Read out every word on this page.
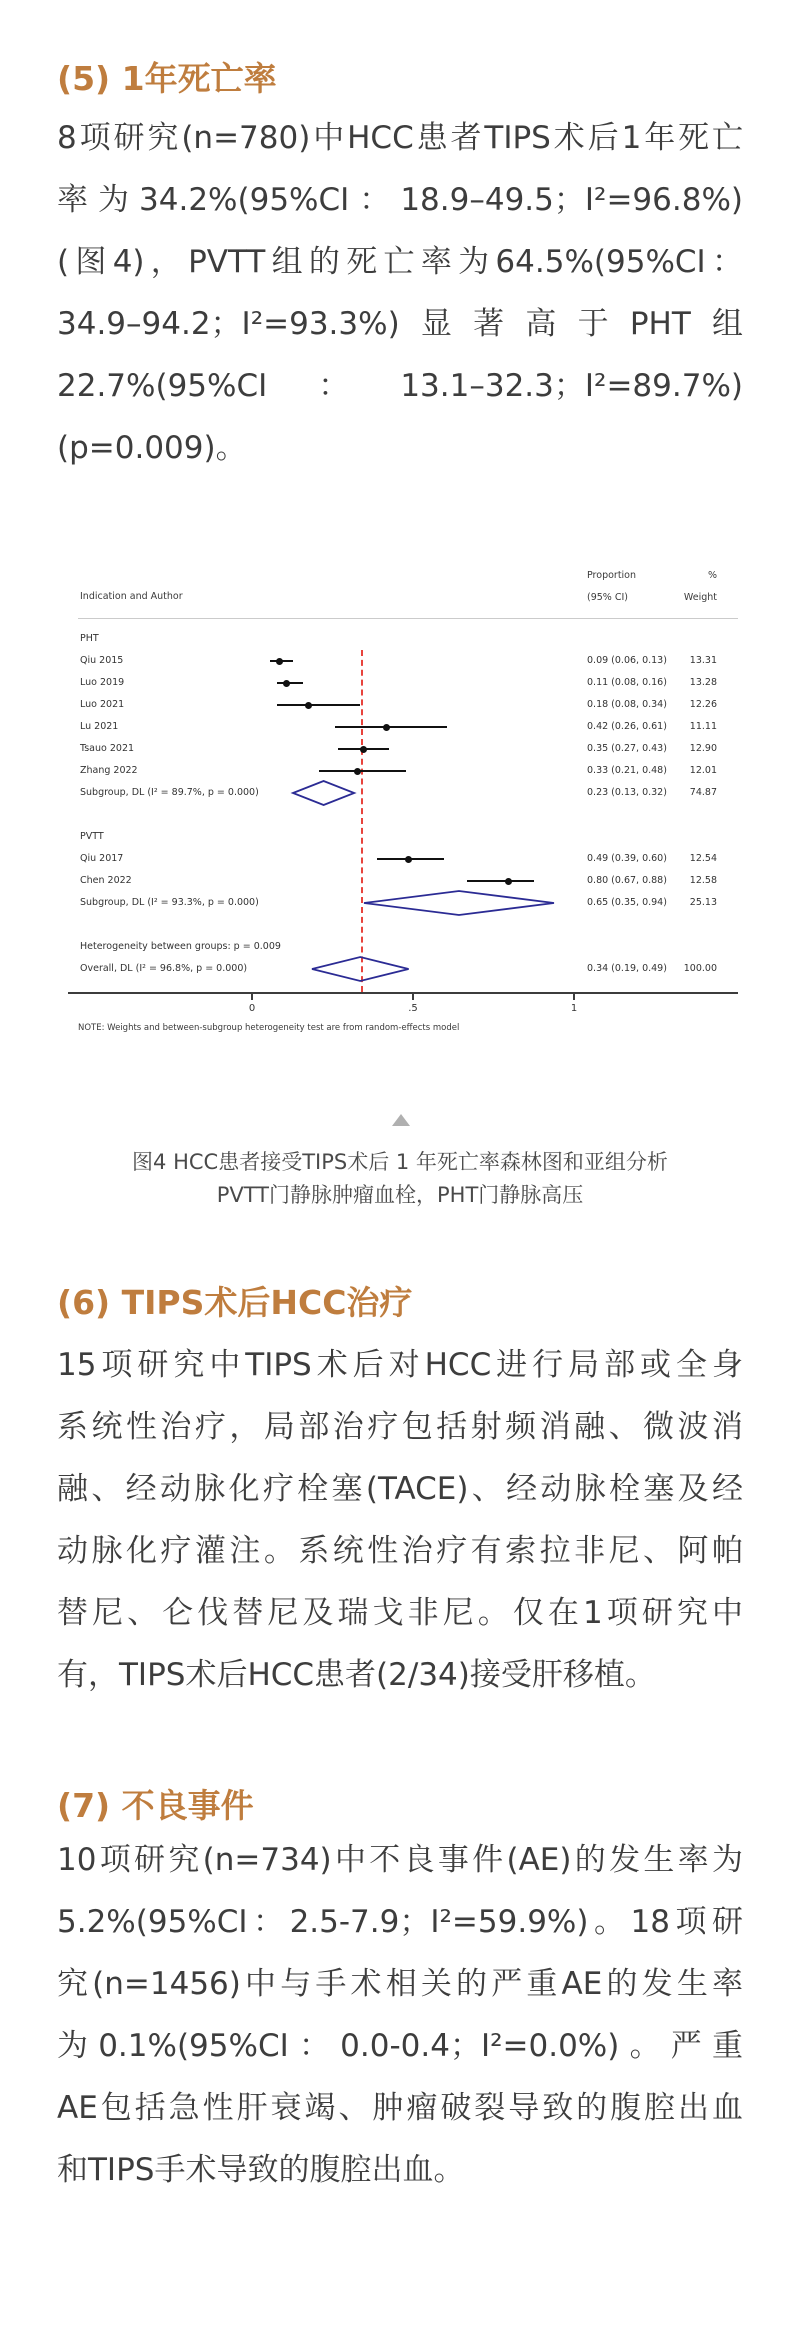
(5) 1年死亡率
8项研究(n=780)中HCC患者TIPS术后1年死亡
率为34.2%(95%CI：18.9–49.5；I²=96.8%)
(图4)，PVTT组的死亡率为64.5%(95%CI：
34.9–94.2；I²=93.3%)显著高于PHT组
22.7%(95%CI：13.1–32.3；I²=89.7%)
(p=0.009)。
Indication and Author
Proportion
(95% CI)
%
Weight
PHT
Qiu 2015	0.09 (0.06, 0.13)	13.31
Luo 2019	0.11 (0.08, 0.16)	13.28
Luo 2021	0.18 (0.08, 0.34)	12.26
Lu 2021	0.42 (0.26, 0.61)	11.11
Tsauo 2021	0.35 (0.27, 0.43)	12.90
Zhang 2022	0.33 (0.21, 0.48)	12.01
Subgroup, DL (I² = 89.7%, p = 0.000)	0.23 (0.13, 0.32)	74.87
PVTT
Qiu 2017	0.49 (0.39, 0.60)	12.54
Chen 2022	0.80 (0.67, 0.88)	12.58
Subgroup, DL (I² = 93.3%, p = 0.000)	0.65 (0.35, 0.94)	25.13
Heterogeneity between groups: p = 0.009
Overall, DL (I² = 96.8%, p = 0.000)	0.34 (0.19, 0.49)	100.00
0	.5	1
NOTE: Weights and between-subgroup heterogeneity test are from random-effects model
图4 HCC患者接受TIPS术后 1 年死亡率森林图和亚组分析
PVTT门静脉肿瘤血栓，PHT门静脉高压
(6) TIPS术后HCC治疗
15项研究中TIPS术后对HCC进行局部或全身
系统性治疗，局部治疗包括射频消融、微波消
融、经动脉化疗栓塞(TACE)、经动脉栓塞及经
动脉化疗灌注。系统性治疗有索拉非尼、阿帕
替尼、仑伐替尼及瑞戈非尼。仅在1项研究中
有，TIPS术后HCC患者(2/34)接受肝移植。
(7) 不良事件
10项研究(n=734)中不良事件(AE)的发生率为
5.2%(95%CI：2.5-7.9；I²=59.9%)。18项研
究(n=1456)中与手术相关的严重AE的发生率
为0.1%(95%CI：0.0-0.4；I²=0.0%)。严重
AE包括急性肝衰竭、肿瘤破裂导致的腹腔出血
和TIPS手术导致的腹腔出血。
